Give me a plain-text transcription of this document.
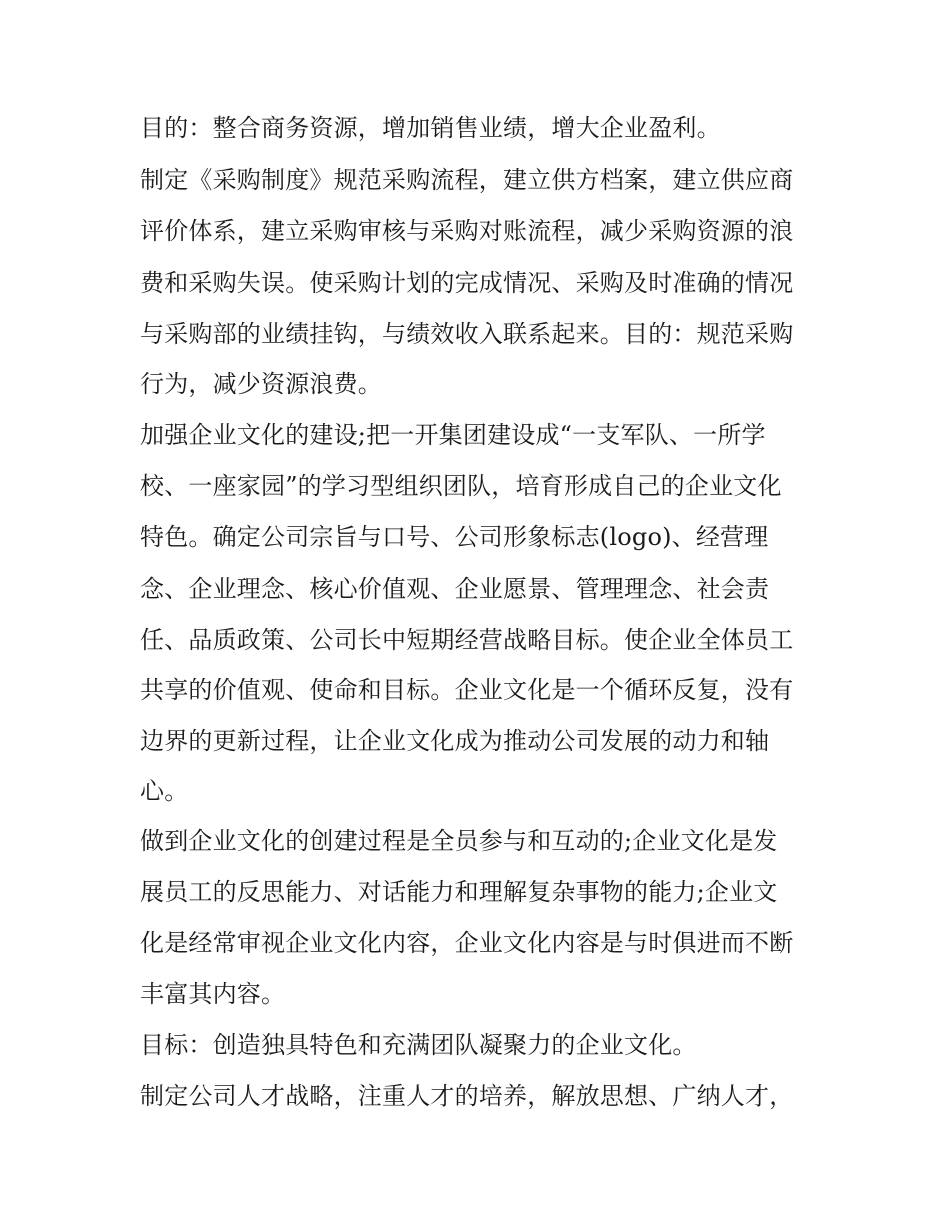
目的：整合商务资源，增加销售业绩，增大企业盈利。
制定《采购制度》规范采购流程，建立供方档案，建立供应商
评价体系，建立采购审核与采购对账流程，减少采购资源的浪
费和采购失误。使采购计划的完成情况、采购及时准确的情况
与采购部的业绩挂钩，与绩效收入联系起来。目的：规范采购
行为，减少资源浪费。
加强企业文化的建设;把一开集团建设成“一支军队、一所学
校、一座家园”的学习型组织团队，培育形成自己的企业文化
特色。确定公司宗旨与口号、公司形象标志(logo)、经营理
念、企业理念、核心价值观、企业愿景、管理理念、社会责
任、品质政策、公司长中短期经营战略目标。使企业全体员工
共享的价值观、使命和目标。企业文化是一个循环反复，没有
边界的更新过程，让企业文化成为推动公司发展的动力和轴
心。
做到企业文化的创建过程是全员参与和互动的;企业文化是发
展员工的反思能力、对话能力和理解复杂事物的能力;企业文
化是经常审视企业文化内容，企业文化内容是与时俱进而不断
丰富其内容。
目标：创造独具特色和充满团队凝聚力的企业文化。
制定公司人才战略，注重人才的培养，解放思想、广纳人才，
